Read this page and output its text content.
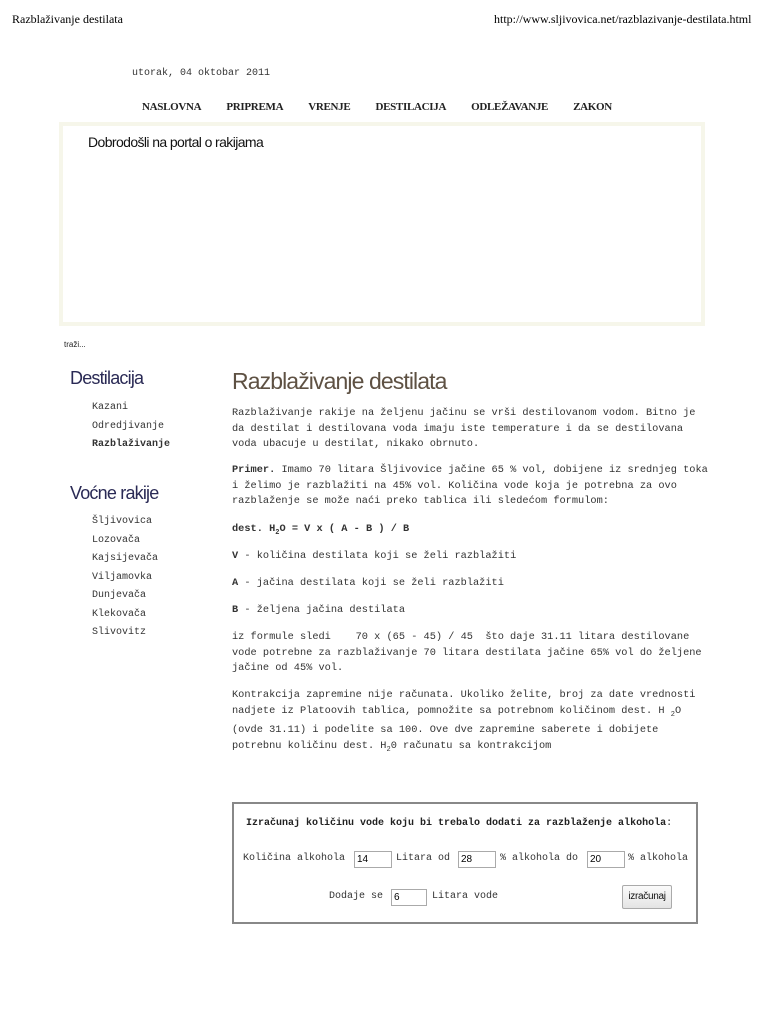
Razblaživanje destilata	http://www.sljivovica.net/razblazivanje-destilata.html
utorak, 04 oktobar 2011
NASLOVNA PRIPREMA VRENJE DESTILACIJA ODLEŽAVANJE ZAKON
Dobrodošli na portal o rakijama
traži...
Destilacija
Kazani
Odredjivanje
Razblaživanje
Voćne rakije
Šljivovica
Lozovača
Kajsijevača
Viljamovka
Dunjevača
Klekovača
Slivovitz
Razblaživanje destilata
Razblaživanje rakije na željenu jačinu se vrši destilovanom vodom. Bitno je da destilat i destilovana voda imaju iste temperature i da se destilovana voda ubacuje u destilat, nikako obrnuto.
Primer. Imamo 70 litara Šljivovice jačine 65 % vol, dobijene iz srednjeg toka i želimo je razblažiti na 45% vol. Količina vode koja je potrebna za ovo razblaženje se može naći preko tablica ili sledećom formulom:
dest. $H_2O = V$ x ( A - B ) / B
V - količina destilata koji se želi razblažiti
A - jačina destilata koji se želi razblažiti
B - željena jačina destilata
iz formule sledi    70 x (65 - 45) / 45  što daje 31.11 litara destilovane vode potrebne za razblaživanje 70 litara destilata jačine 65% vol do željene jačine od 45% vol.
Kontrakcija zapremine nije računata. Ukoliko želite, broj za date vrednosti nadjete iz Platoovih tablica, pomnožite sa potrebnom količinom dest. H $_2$O (ovde 31.11) i podelite sa 100. Ove dve zapremine saberete i dobijete potrebnu količinu dest. $H_20$ računatu sa kontrakcijom
Izračunaj količinu vode koju bi trebalo dodati za razblaženje alkohola:
Količina alkohola	14	Litara od	28	% alkohola do	20	% alkohola
Dodaje se	6	Litara vode	izračunaj
